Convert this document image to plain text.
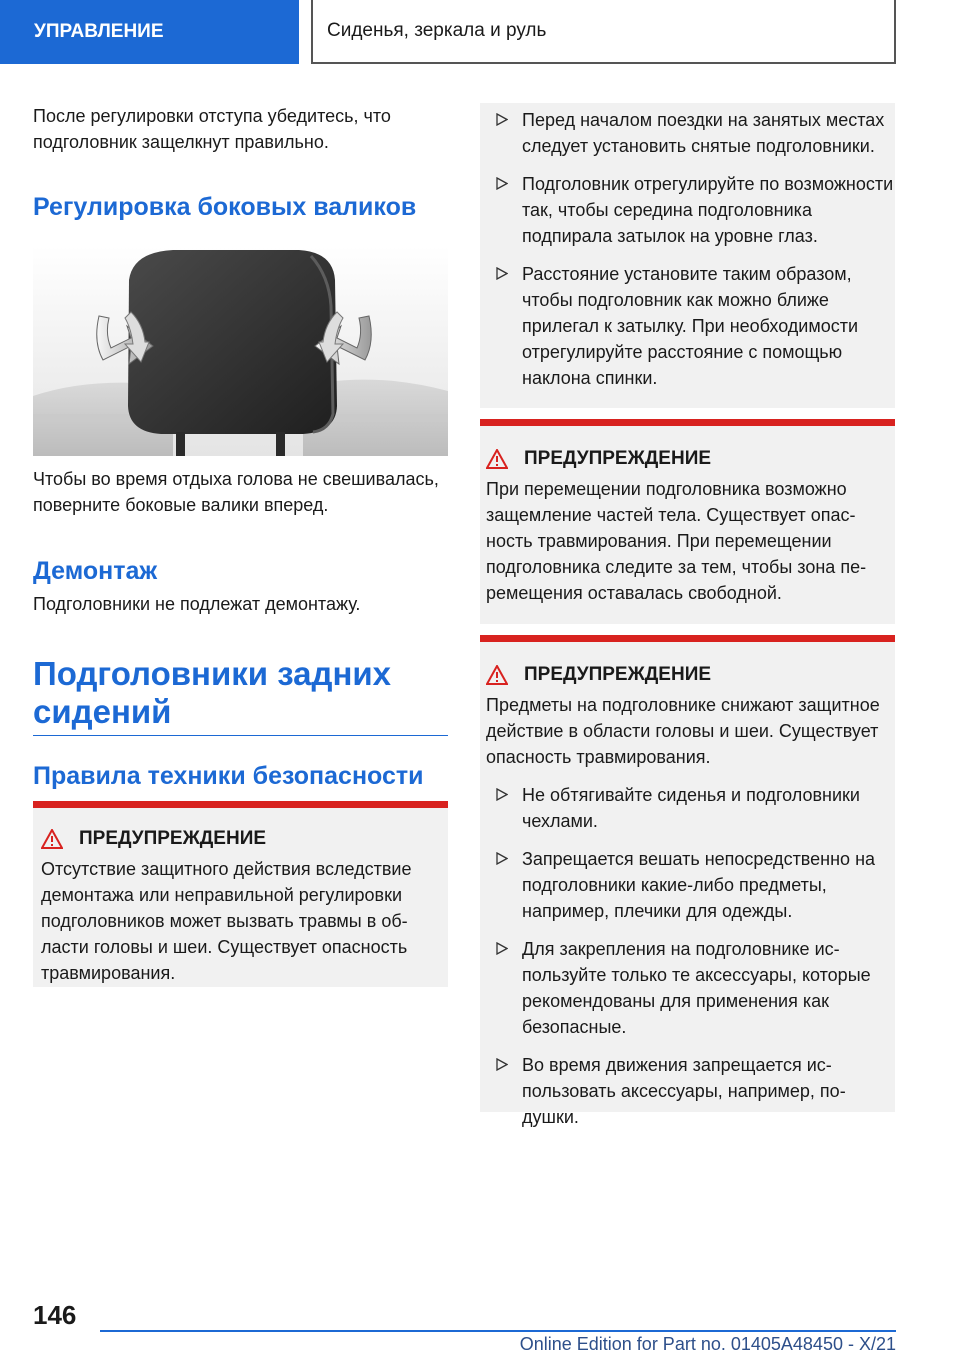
УПРАВЛЕНИЕ	Сиденья, зеркала и руль

После регулировки отступа убедитесь, что подголовник защелкнут правильно.

Регулировка боковых валиков

Чтобы во время отдыха голова не свешивалась, поверните боковые валики вперед.

Демонтаж

Подголовники не подлежат демонтажу.

Подголовники задних сидений
Правила техники безопасности
ПРЕДУПРЕЖДЕНИЕ

Отсутствие защитного действия вследствие демонтажа или неправильной регулировки подголовников может вызвать травмы в области головы и шеи. Существует опасность травмирования.

Перед началом поездки на занятых местах следует установить снятые подголовники.
Подголовник отрегулируйте по возможности так, чтобы середина подголовника подпирала затылок на уровне глаз.
Расстояние установите таким образом, чтобы подголовник как можно ближе прилегал к затылку. При необходимости отрегулируйте расстояние с помощью наклона спинки.
ПРЕДУПРЕЖДЕНИЕ

При перемещении подголовника возможно защемление частей тела. Существует опасность травмирования. При перемещении подголовника следите за тем, чтобы зона перемещения оставалась свободной.

ПРЕДУПРЕЖДЕНИЕ

Предметы на подголовнике снижают защитное действие в области головы и шеи. Существует опасность травмирования.

Не обтягивайте сиденья и подголовники чехлами.
Запрещается вешать непосредственно на подголовники какие-либо предметы, например, плечики для одежды.
Для закрепления на подголовнике используйте только те аксессуары, которые рекомендованы для применения как безопасные.
Во время движения запрещается использовать аксессуары, например, подушки.
146
Online Edition for Part no. 01405A48450 - X/21
